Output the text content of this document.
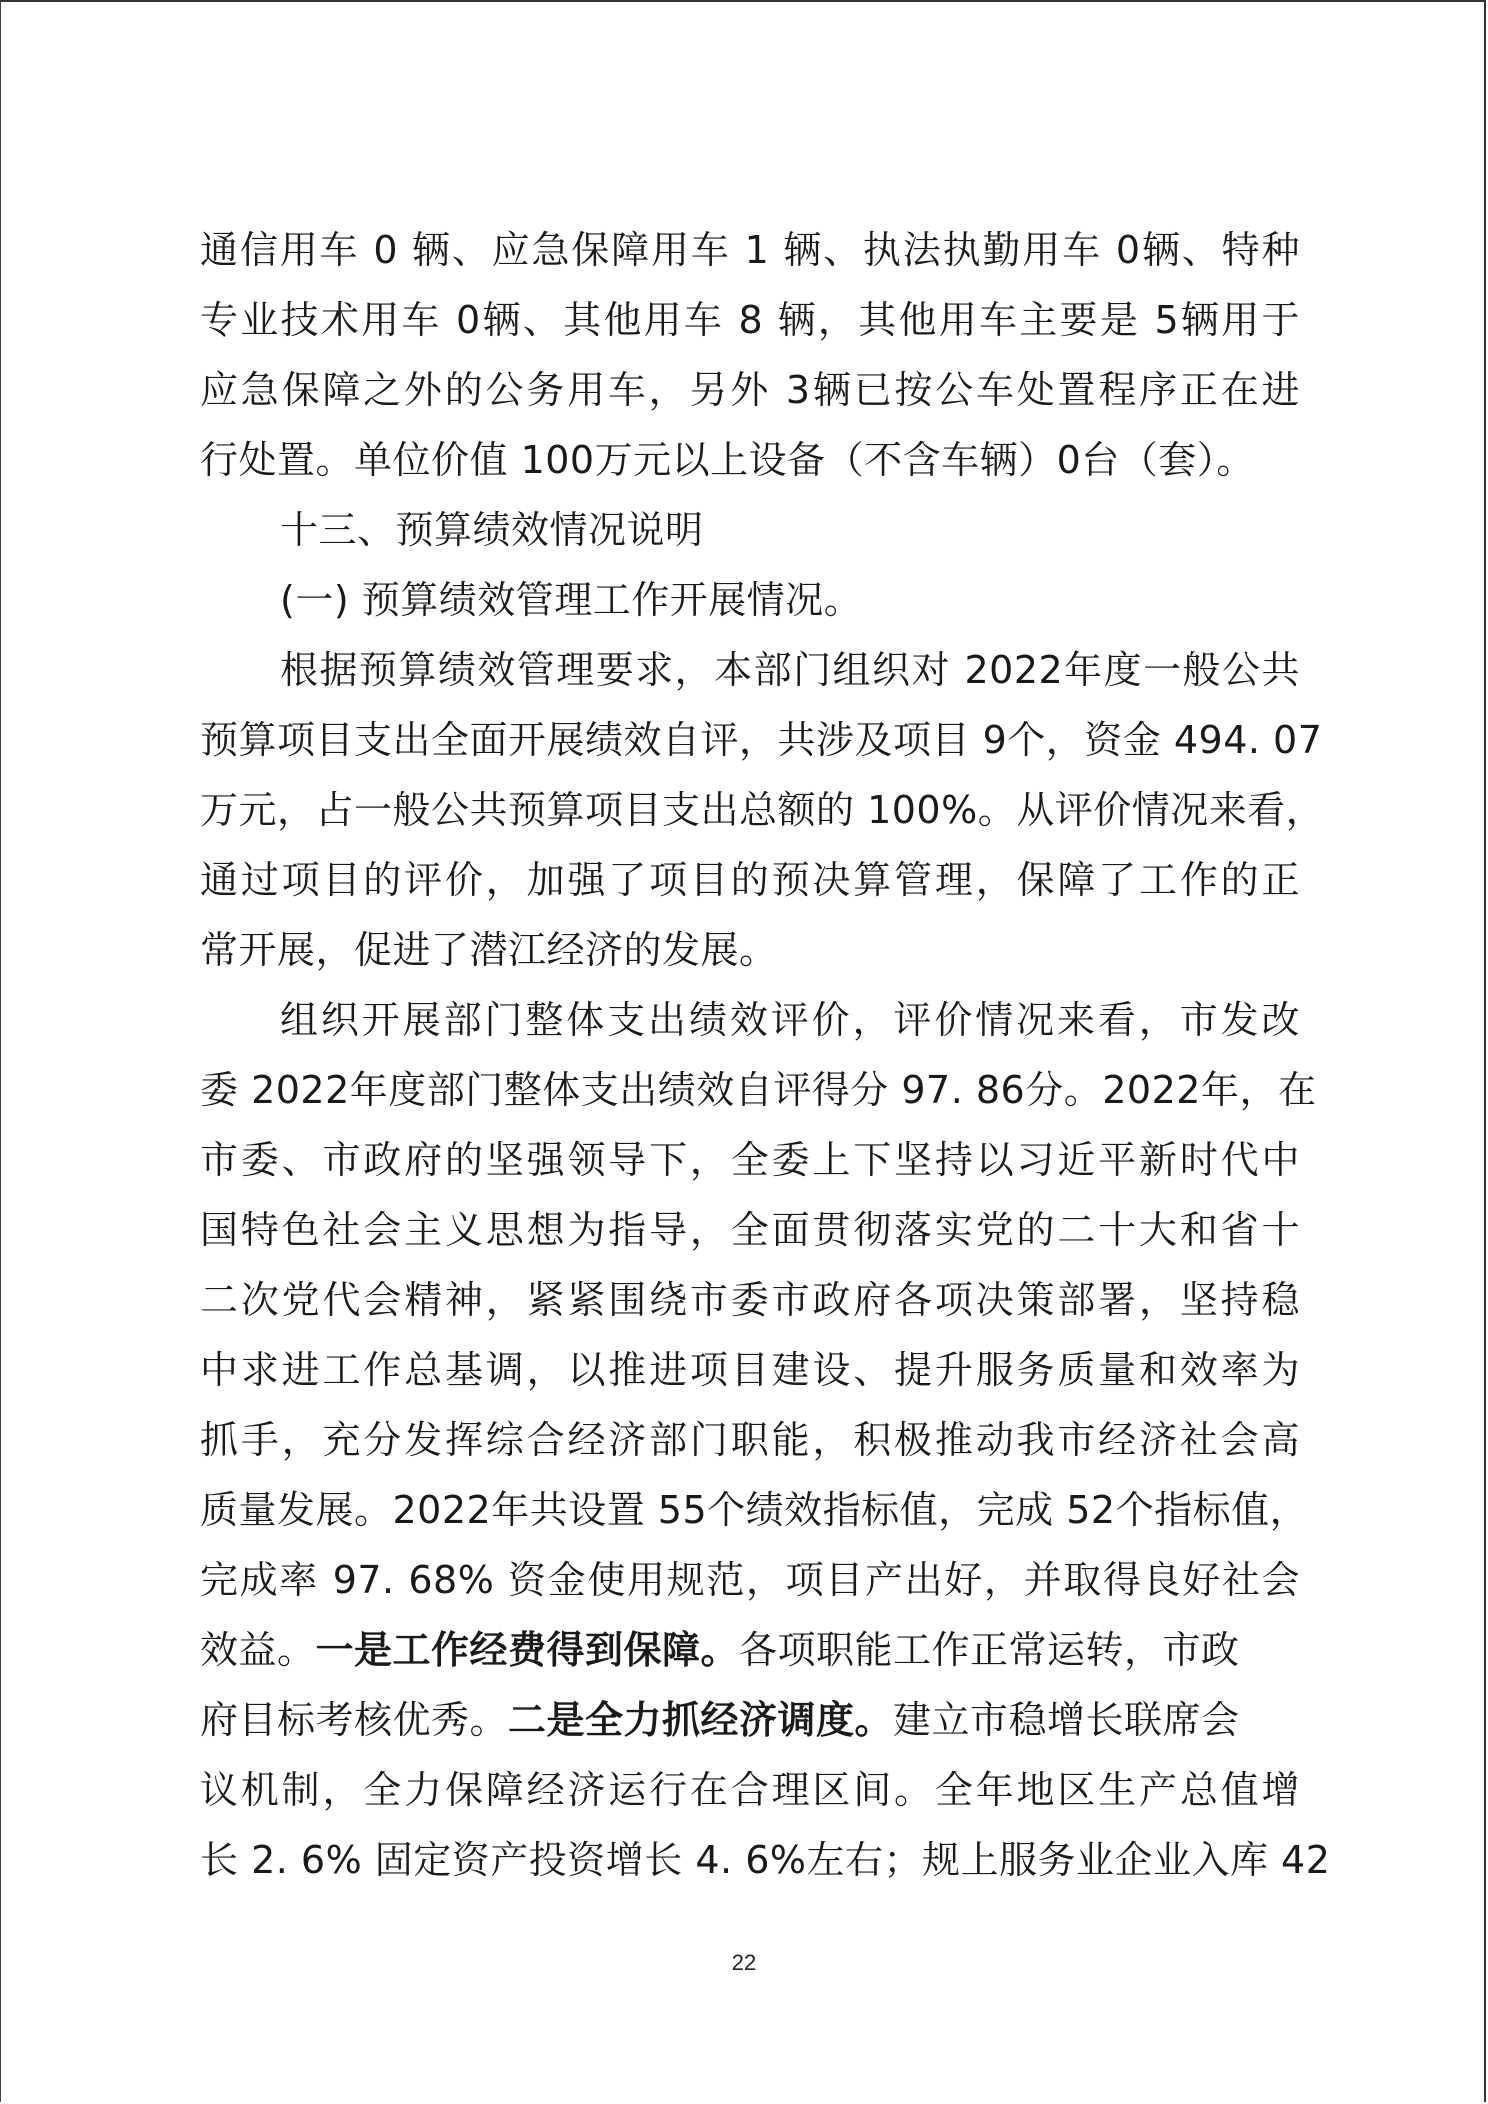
通信用车 0 辆、应急保障用车 1 辆、执法执勤用车 0辆、特种
专业技术用车 0辆、其他用车 8 辆，其他用车主要是 5辆用于
应急保障之外的公务用车，另外 3辆已按公车处置程序正在进
行处置。单位价值 100万元以上设备（不含车辆）0台（套）。
十三、预算绩效情况说明
(一) 预算绩效管理工作开展情况。
根据预算绩效管理要求，本部门组织对 2022年度一般公共
预算项目支出全面开展绩效自评，共涉及项目 9个，资金 494. 07
万元，占一般公共预算项目支出总额的 100%。从评价情况来看，
通过项目的评价，加强了项目的预决算管理，保障了工作的正
常开展，促进了潜江经济的发展。
组织开展部门整体支出绩效评价，评价情况来看，市发改
委 2022年度部门整体支出绩效自评得分 97. 86分。2022年，在
市委、市政府的坚强领导下，全委上下坚持以习近平新时代中
国特色社会主义思想为指导，全面贯彻落实党的二十大和省十
二次党代会精神，紧紧围绕市委市政府各项决策部署，坚持稳
中求进工作总基调，以推进项目建设、提升服务质量和效率为
抓手，充分发挥综合经济部门职能，积极推动我市经济社会高
质量发展。2022年共设置 55个绩效指标值，完成 52个指标值，
完成率 97. 68% 资金使用规范，项目产出好，并取得良好社会
效益。一是工作经费得到保障。各项职能工作正常运转，市政
府目标考核优秀。二是全力抓经济调度。建立市稳增长联席会
议机制，全力保障经济运行在合理区间。全年地区生产总值增
长 2. 6% 固定资产投资增长 4. 6%左右；规上服务业企业入库 42
22
